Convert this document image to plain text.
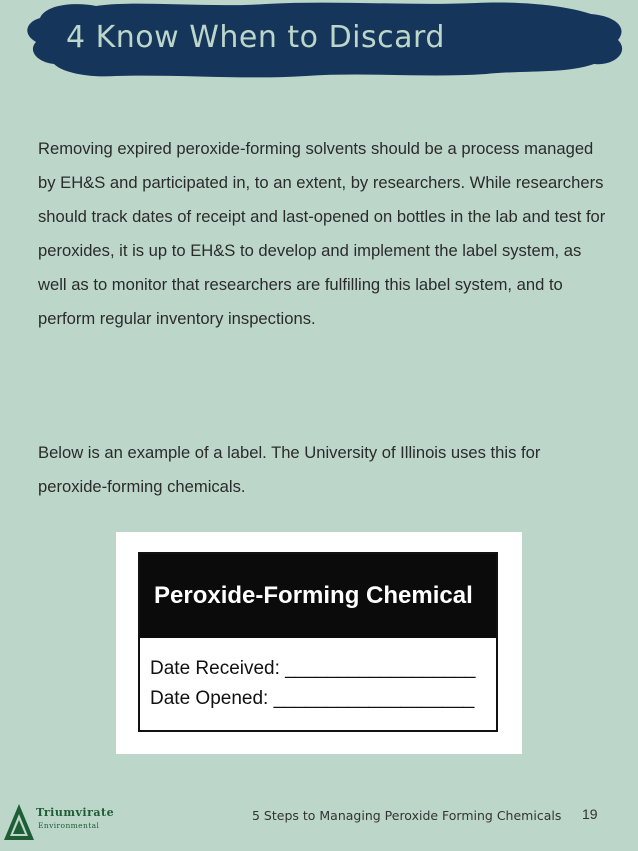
4 Know When to Discard

Removing expired peroxide-forming solvents should be a process managed by EH&S and participated in, to an extent, by researchers. While researchers should track dates of receipt and last-opened on bottles in the lab and test for peroxides, it is up to EH&S to develop and implement the label system, as well as to monitor that researchers are fulfilling this label system, and to perform regular inventory inspections.

Below is an example of a label. The University of Illinois uses this for peroxide-forming chemicals.

Peroxide-Forming Chemical
Date Received: __________________
Date Opened: ___________________
Triumvirate
Environmental
5 Steps to Managing Peroxide Forming Chemicals 19
